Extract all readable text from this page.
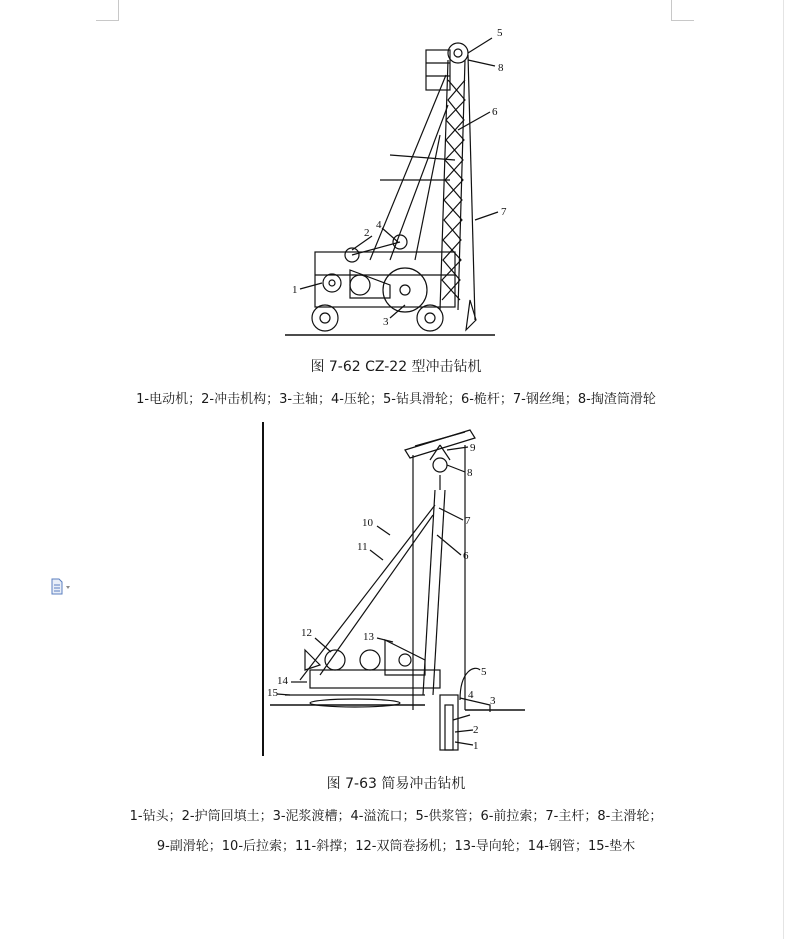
5
8
6
7
4
2
1
3
图 7-62 CZ-22 型冲击钻机
1-电动机；2-冲击机构；3-主轴；4-压轮；5-钻具滑轮；6-桅杆；7-钢丝绳；8-掏渣筒滑轮
9
8
7
6
10
11
12	13
5
14
15	4 3
2
1
图 7-63 简易冲击钻机
1-钻头；2-护筒回填土；3-泥浆渡槽；4-溢流口；5-供浆管；6-前拉索；7-主杆；8-主滑轮；
9-副滑轮；10-后拉索；11-斜撑；12-双筒卷扬机；13-导向轮；14-钢管；15-垫木
